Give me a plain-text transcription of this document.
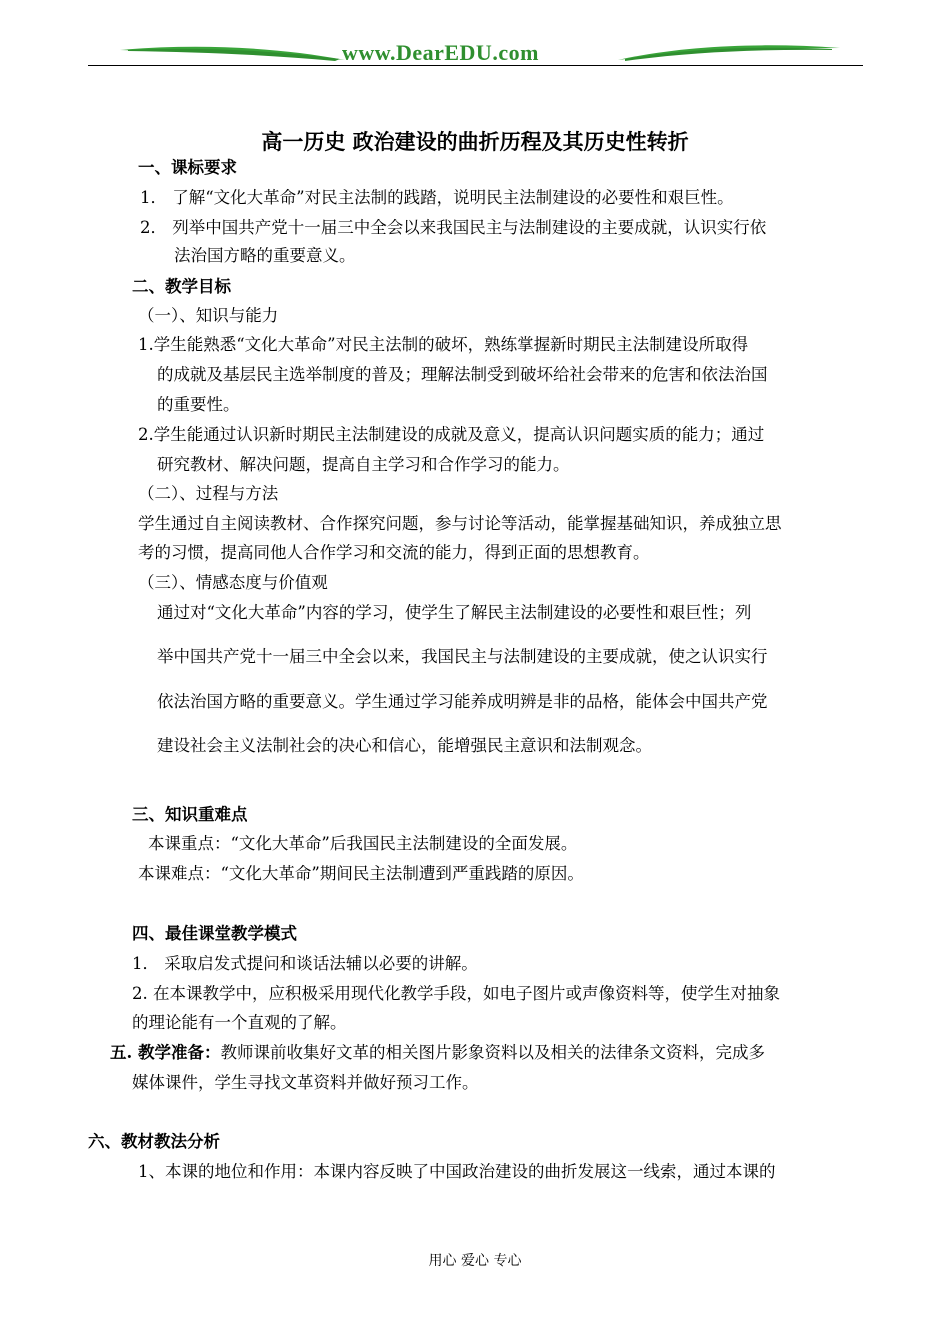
www.DearEDU.com
高一历史 政治建设的曲折历程及其历史性转折
一、课标要求
1． 了解“文化大革命”对民主法制的践踏，说明民主法制建设的必要性和艰巨性。
2． 列举中国共产党十一届三中全会以来我国民主与法制建设的主要成就，认识实行依
法治国方略的重要意义。
二、教学目标
（一）、知识与能力
1.学生能熟悉“文化大革命”对民主法制的破坏，熟练掌握新时期民主法制建设所取得
的成就及基层民主选举制度的普及；理解法制受到破坏给社会带来的危害和依法治国
的重要性。
2.学生能通过认识新时期民主法制建设的成就及意义，提高认识问题实质的能力；通过
研究教材、解决问题，提高自主学习和合作学习的能力。
（二）、过程与方法
学生通过自主阅读教材、合作探究问题，参与讨论等活动，能掌握基础知识，养成独立思
考的习惯，提高同他人合作学习和交流的能力，得到正面的思想教育。
（三）、情感态度与价值观
通过对“文化大革命”内容的学习，使学生了解民主法制建设的必要性和艰巨性；列
举中国共产党十一届三中全会以来，我国民主与法制建设的主要成就，使之认识实行
依法治国方略的重要意义。学生通过学习能养成明辨是非的品格，能体会中国共产党
建设社会主义法制社会的决心和信心，能增强民主意识和法制观念。
三、知识重难点
本课重点：“文化大革命”后我国民主法制建设的全面发展。
本课难点：“文化大革命”期间民主法制遭到严重践踏的原因。
四、最佳课堂教学模式
1． 采取启发式提问和谈话法辅以必要的讲解。
2. 在本课教学中，应积极采用现代化教学手段，如电子图片或声像资料等，使学生对抽象
的理论能有一个直观的了解。
五. 教学准备：教师课前收集好文革的相关图片影象资料以及相关的法律条文资料，完成多
媒体课件，学生寻找文革资料并做好预习工作。
六、教材教法分析
1、本课的地位和作用：本课内容反映了中国政治建设的曲折发展这一线索，通过本课的
用心 爱心 专心
